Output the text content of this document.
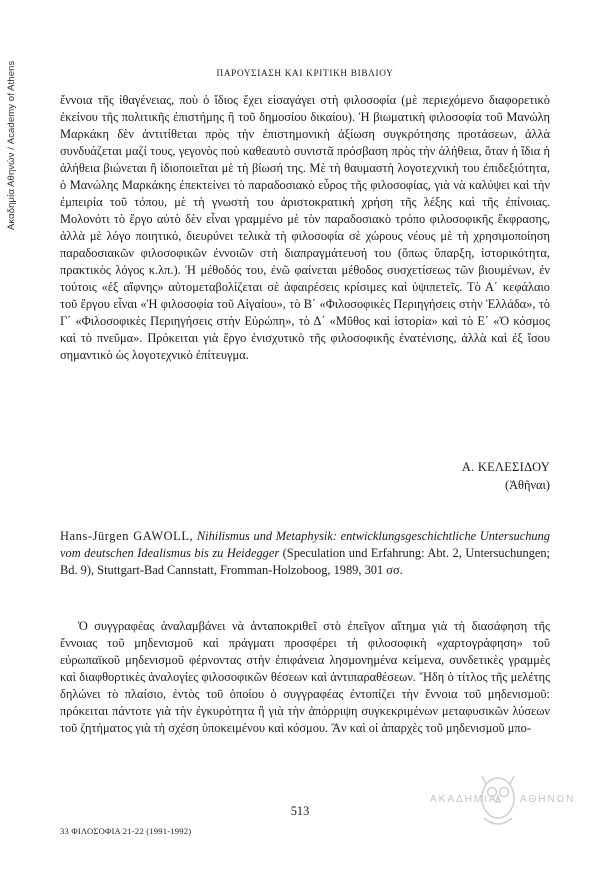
Ακαδημία Αθηνών / Academy of Athens	ΠΑΡΟΥΣΙΑΣΗ ΚΑΙ ΚΡΙΤΙΚΗ ΒΙΒΛΙΟΥ

ἔννοια τῆς ἰθαγένειας, ποὺ ὁ ἴδιος ἔχει εἰσαγάγει στὴ φιλοσοφία (μὲ περιεχόμενο διαφορετικὸ ἐκείνου τῆς πολιτικῆς ἐπιστήμης ἢ τοῦ δημοσίου δικαίου). Ἡ βιωματικὴ φιλοσοφία τοῦ Μανώλη Μαρκάκη δὲν ἀντιτίθεται πρὸς τὴν ἐπιστημονικὴ ἀξίωση συγκρότησης προτάσεων, ἀλλὰ συνδυάζεται μαζί τους, γεγονὸς ποὺ καθεαυτὸ συνιστᾶ πρόσβαση πρὸς τὴν ἀλήθεια, ὅταν ἡ ἴδια ἡ ἀλήθεια βιώνεται ἢ ἰδιοποιεῖται μὲ τὴ βίωσή της. Μὲ τὴ θαυμαστὴ λογοτεχνικὴ του ἐπιδεξιότητα, ὁ Μανώλης Μαρκάκης ἐπεκτείνει τὸ παραδοσιακὸ εὖρος τῆς φιλοσοφίας, γιὰ νὰ καλύψει καὶ τὴν ἐμπειρία τοῦ τόπου, μὲ τὴ γνωστὴ του ἀριστοκρατικὴ χρήση τῆς λέξης καὶ τῆς ἐπίνοιας. Μολονότι τὸ ἔργο αὐτὸ δὲν εἶναι γραμμένο μὲ τὸν παραδοσιακὸ τρόπο φιλοσοφικῆς ἔκφρασης, ἀλλὰ μὲ λόγο ποιητικό, διευρύνει τελικὰ τὴ φιλοσοφία σὲ χώρους νέους μὲ τὴ χρησιμοποίηση παραδοσιακῶν φιλοσοφικῶν ἐννοιῶν στὴ διαπραγμάτευσή του (ὅπως ὕπαρξη, ἱστορικότητα, πρακτικὸς λόγος κ.λπ.). Ἡ μέθοδός του, ἐνῶ φαίνεται μέθοδος συσχετίσεως τῶν βιουμένων, ἐν τούτοις «ἐξ αἴφνης» αὐτομεταβολίζεται σὲ ἀφαιρέσεις κρίσιμες καὶ ὑψιπετεῖς. Τὸ Α΄ κεφάλαιο τοῦ ἔργου εἶναι «Ἡ φιλοσοφία τοῦ Αἰγαίου», τὸ Β΄ «Φιλοσοφικὲς Περιηγήσεις στὴν Ἑλλάδα», τὸ Γ΄ «Φιλοσοφικὲς Περιηγήσεις στὴν Εὐρώπη», τὸ Δ΄ «Μῦθος καὶ ἱστορία» καὶ τὸ Ε΄ «Ὁ κόσμος καὶ τὸ πνεῦμα». Πρόκειται γιὰ ἔργο ἐνισχυτικὸ τῆς φιλοσοφικῆς ἐνατένισης, ἀλλὰ καὶ ἐξ ἴσου σημαντικὸ ὡς λογοτεχνικὸ ἐπίτευγμα.

Α. ΚΕΛΕΣΙΔΟΥ
(Ἀθῆναι)

Hans-Jürgen GAWOLL, Nihilismus und Metaphysik: entwicklungsgeschichtliche Untersuchung vom deutschen Idealismus bis zu Heidegger (Speculation und Erfahrung: Abt. 2, Untersuchungen; Bd. 9), Stuttgart-Bad Cannstatt, Fromman-Holzoboog, 1989, 301 σσ.

Ὁ συγγραφέας ἀναλαμβάνει νὰ ἀνταποκριθεῖ στὸ ἐπεῖγον αἴτημα γιὰ τὴ διασάφηση τῆς ἔννοιας τοῦ μηδενισμοῦ καὶ πράγματι προσφέρει τὴ φιλοσοφικὴ «χαρτογράφηση» τοῦ εὐρωπαϊκοῦ μηδενισμοῦ φέρνοντας στὴν ἐπιφάνεια λησμονημένα κείμενα, συνδετικὲς γραμμὲς καὶ διαφθορτικὲς ἀναλογίες φιλοσοφικῶν θέσεων καὶ ἀντιπαραθέσεων. Ἤδη ὁ τίτλος τῆς μελέτης δηλώνει τὸ πλαίσιο, ἐντὸς τοῦ ὁποίου ὁ συγγραφέας ἐντοπίζει τὴν ἔννοια τοῦ μηδενισμοῦ: πρόκειται πάντοτε γιὰ τὴν ἐγκυρότητα ἢ γιὰ τὴν ἀπόρριψη συγκεκριμένων μεταφυσικῶν λύσεων τοῦ ζητήματος γιὰ τὴ σχέση ὑποκειμένου καὶ κόσμου. Ἂν καὶ οἱ ἀπαρχὲς τοῦ μηδενισμοῦ μπο-

513
33 ΦΙΛΟΣΟΦΙΑ 21-22 (1991-1992)
ΑΚΑΔΗΜΙΑ ΑΘΗΝΩΝ
